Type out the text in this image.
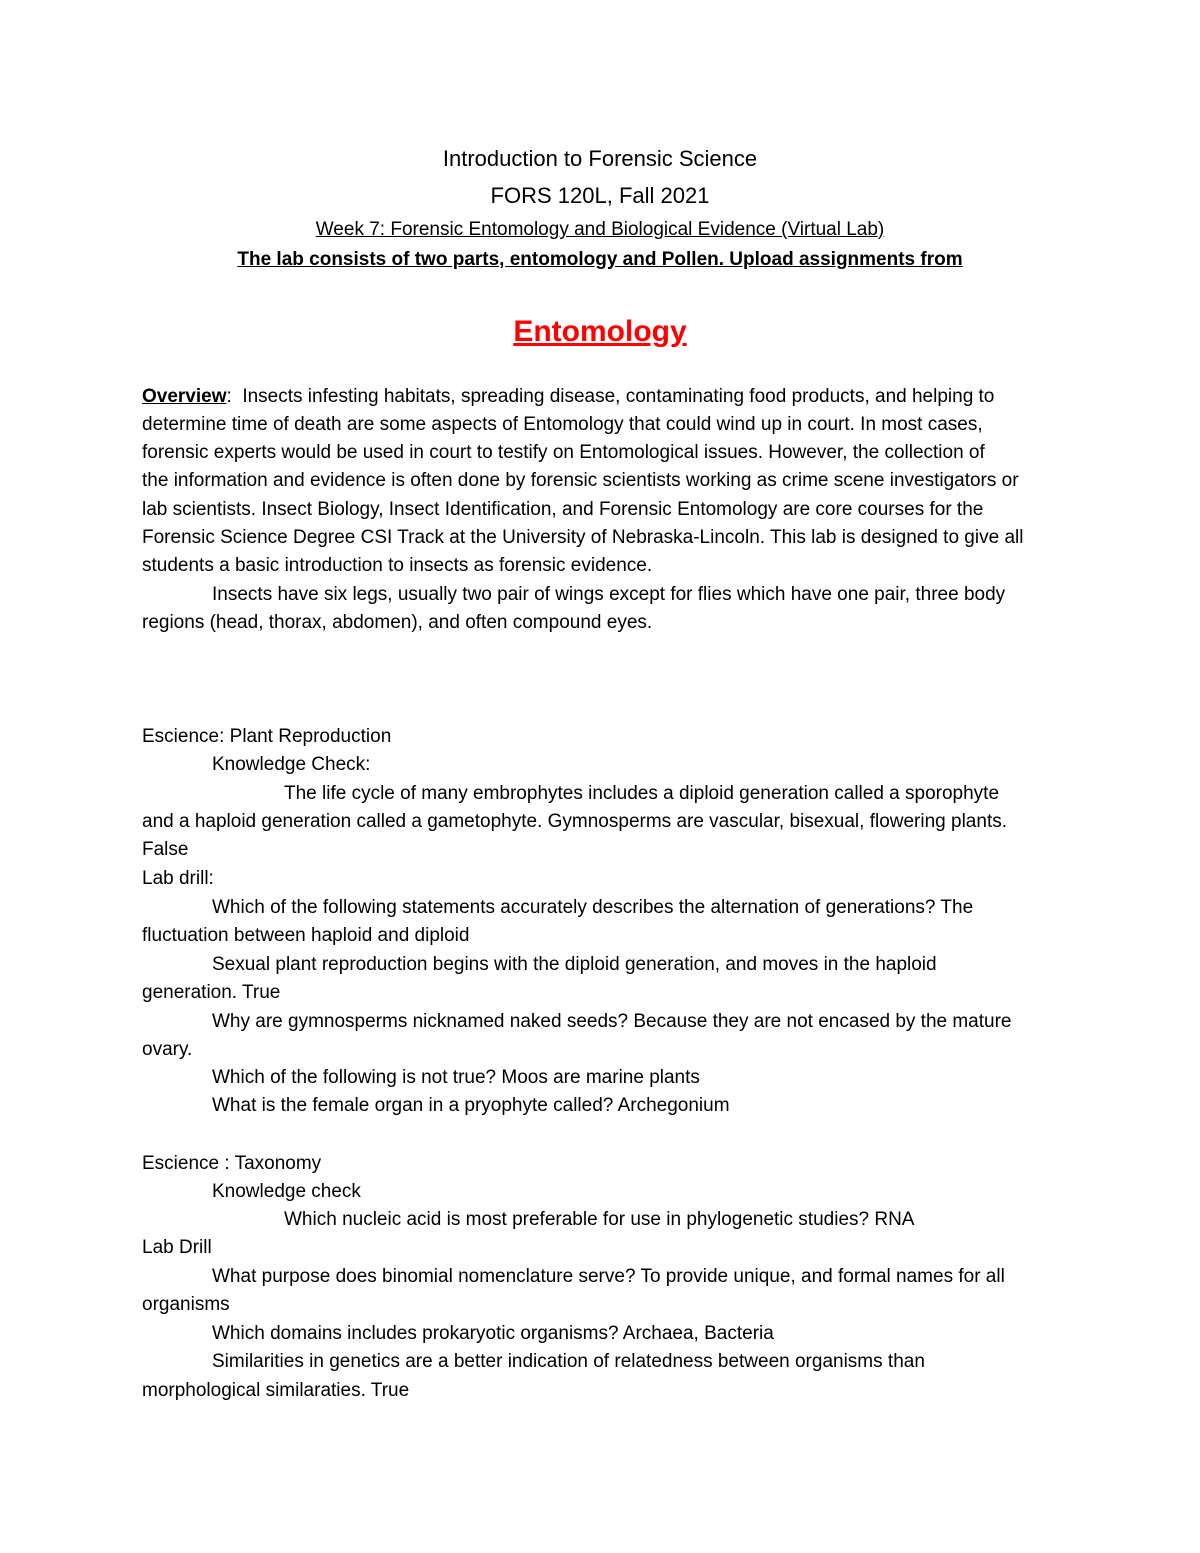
Introduction to Forensic Science

FORS 120L, Fall 2021

Week 7: Forensic Entomology and Biological Evidence (Virtual Lab)

The lab consists of two parts, entomology and Pollen. Upload assignments from

Entomology

Overview:  Insects infesting habitats, spreading disease, contaminating food products, and helping to

determine time of death are some aspects of Entomology that could wind up in court. In most cases,

forensic experts would be used in court to testify on Entomological issues. However, the collection of

the information and evidence is often done by forensic scientists working as crime scene investigators or

lab scientists. Insect Biology, Insect Identification, and Forensic Entomology are core courses for the

Forensic Science Degree CSI Track at the University of Nebraska-Lincoln. This lab is designed to give all

students a basic introduction to insects as forensic evidence.

Insects have six legs, usually two pair of wings except for flies which have one pair, three body

regions (head, thorax, abdomen), and often compound eyes.

Escience: Plant Reproduction

Knowledge Check:

The life cycle of many embrophytes includes a diploid generation called a sporophyte

and a haploid generation called a gametophyte. Gymnosperms are vascular, bisexual, flowering plants.

False

Lab drill:

Which of the following statements accurately describes the alternation of generations? The

fluctuation between haploid and diploid

Sexual plant reproduction begins with the diploid generation, and moves in the haploid

generation. True

Why are gymnosperms nicknamed naked seeds? Because they are not encased by the mature

ovary.

Which of the following is not true? Moos are marine plants

What is the female organ in a pryophyte called? Archegonium

Escience : Taxonomy

Knowledge check

Which nucleic acid is most preferable for use in phylogenetic studies? RNA

Lab Drill

What purpose does binomial nomenclature serve? To provide unique, and formal names for all

organisms

Which domains includes prokaryotic organisms? Archaea, Bacteria

Similarities in genetics are a better indication of relatedness between organisms than

morphological similaraties. True
